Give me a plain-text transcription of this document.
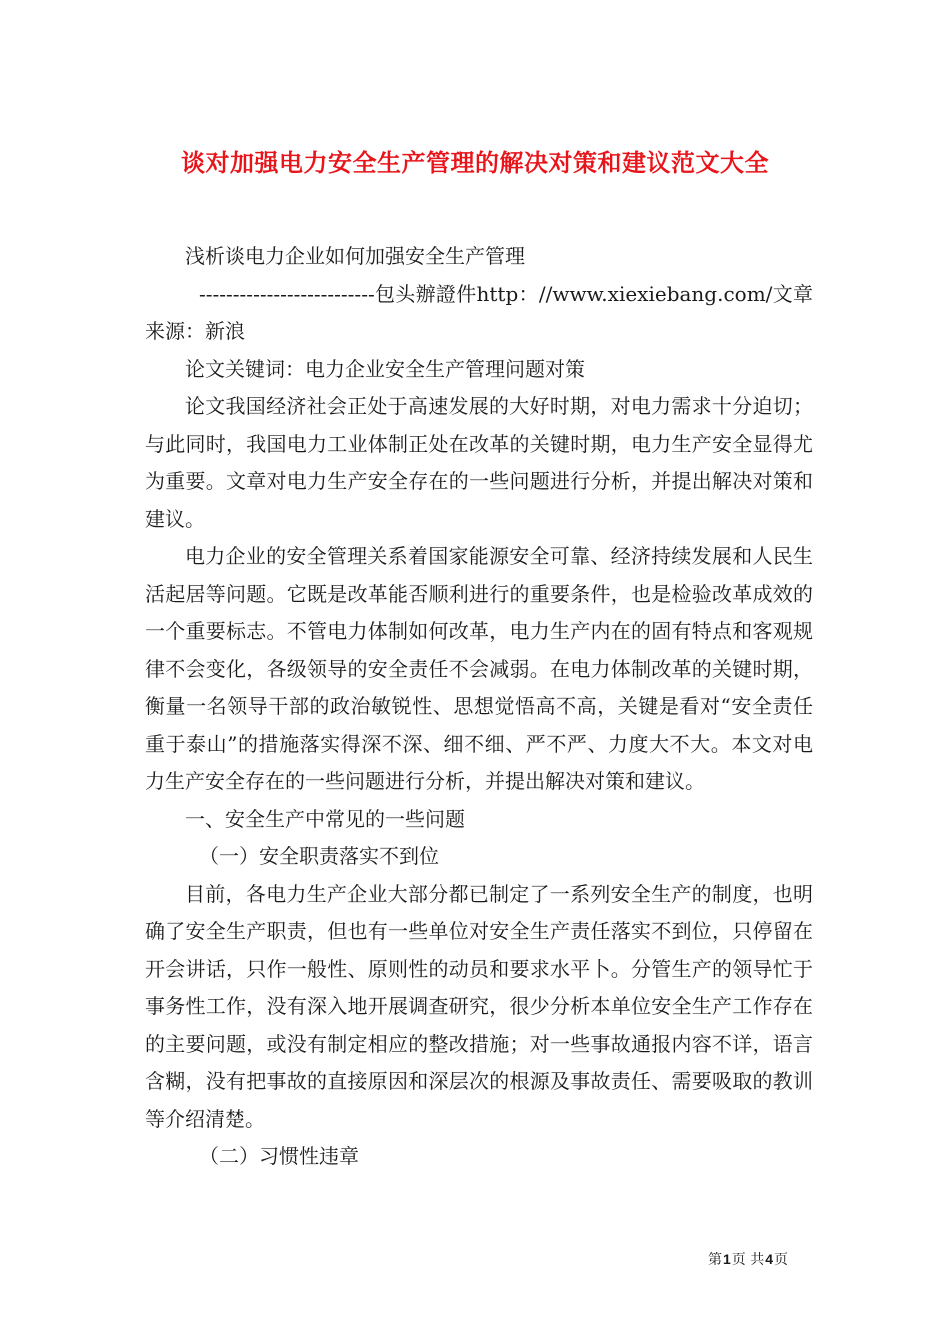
谈对加强电力安全生产管理的解决对策和建议范文大全

浅析谈电力企业如何加强安全生产管理

--------------------------包头辦證件http：//www.xiexiebang.com/文章来源：新浪

论文关键词：电力企业安全生产管理问题对策

论文我国经济社会正处于高速发展的大好时期，对电力需求十分迫切；与此同时，我国电力工业体制正处在改革的关键时期，电力生产安全显得尤为重要。文章对电力生产安全存在的一些问题进行分析，并提出解决对策和建议。

电力企业的安全管理关系着国家能源安全可靠、经济持续发展和人民生活起居等问题。它既是改革能否顺利进行的重要条件，也是检验改革成效的一个重要标志。不管电力体制如何改革，电力生产内在的固有特点和客观规律不会变化，各级领导的安全责任不会减弱。在电力体制改革的关键时期，衡量一名领导干部的政治敏锐性、思想觉悟高不高，关键是看对“安全责任重于泰山”的措施落实得深不深、细不细、严不严、力度大不大。本文对电力生产安全存在的一些问题进行分析，并提出解决对策和建议。

一、安全生产中常见的一些问题

（一）安全职责落实不到位

目前，各电力生产企业大部分都已制定了一系列安全生产的制度，也明确了安全生产职责，但也有一些单位对安全生产责任落实不到位，只停留在开会讲话，只作一般性、原则性的动员和要求水平卜。分管生产的领导忙于事务性工作，没有深入地开展调查研究，很少分析本单位安全生产工作存在的主要问题，或没有制定相应的整改措施；对一些事故通报内容不详，语言含糊，没有把事故的直接原因和深层次的根源及事故责任、需要吸取的教训等介绍清楚。

（二）习惯性违章

第1页 共4页
